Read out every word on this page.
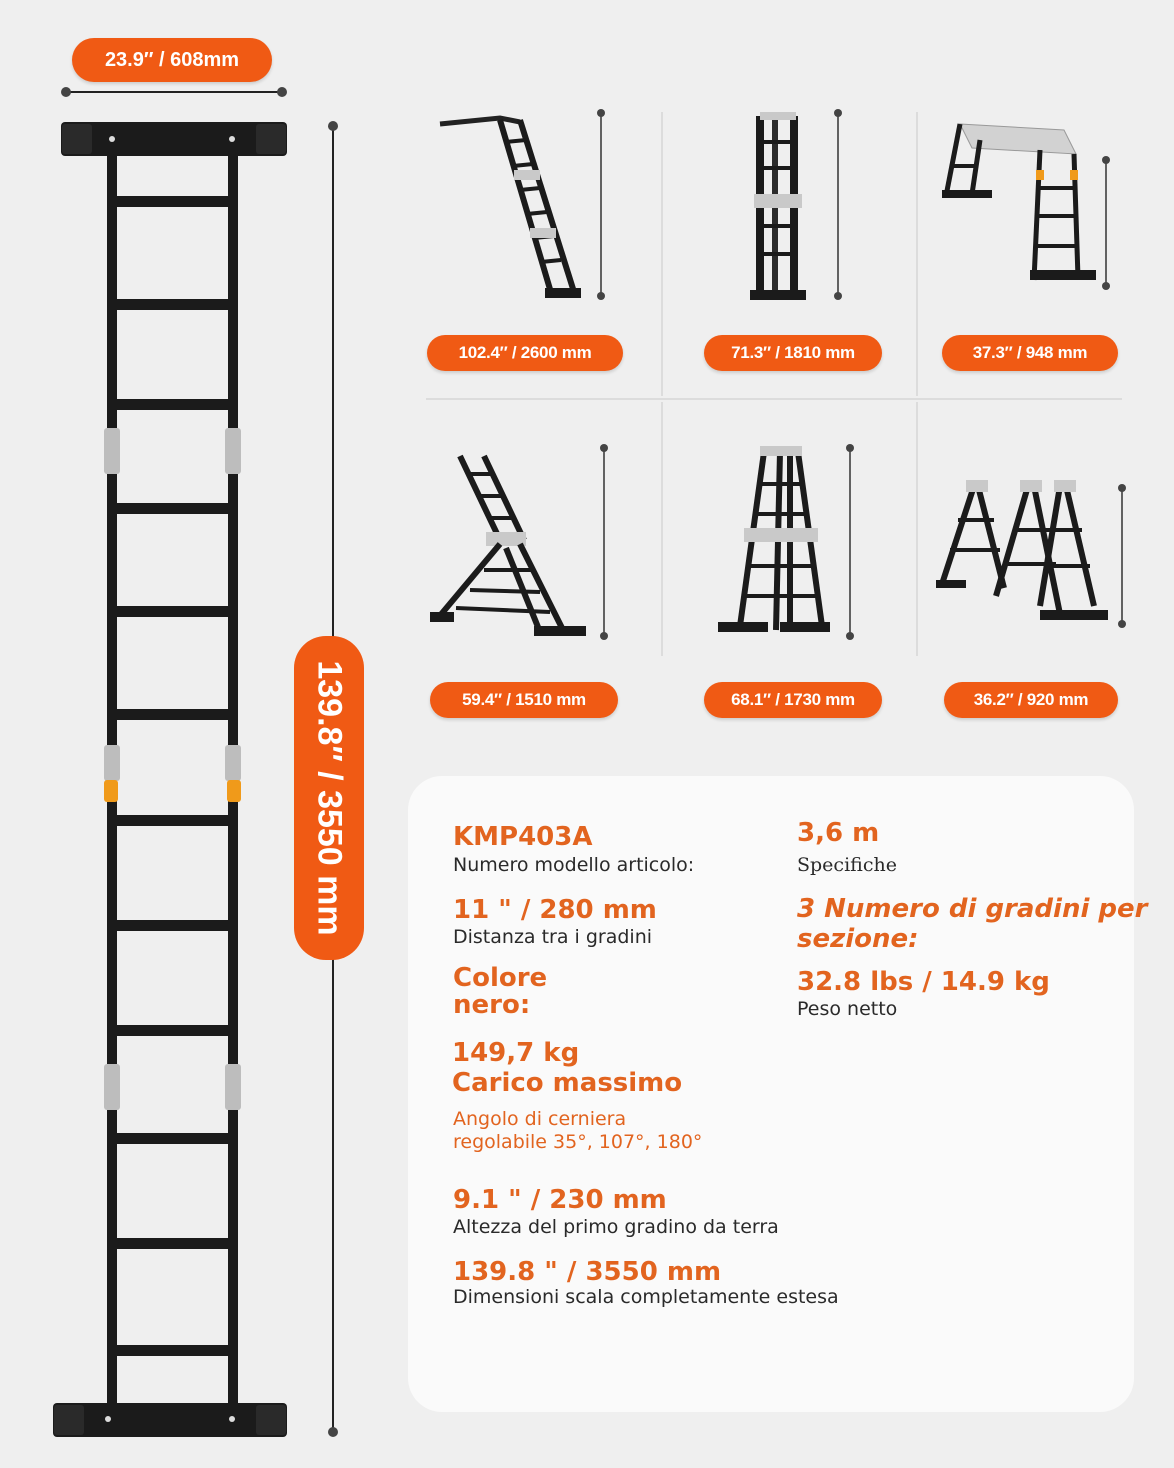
23.9″ / 608mm
139.8″ / 3550 mm
102.4″ / 2600 mm	71.3″ / 1810 mm	37.3″ / 948 mm
59.4″ / 1510 mm	68.1″ / 1730 mm	36.2″ / 920 mm
KMP403A
Numero modello articolo:
3,6 m
Specifiche
11 " / 280 mm
Distanza tra i gradini
3 Numero di gradini per
sezione:
Colore
nero:
32.8 lbs / 14.9 kg
Peso netto
149,7 kg
Carico massimo
Angolo di cerniera
regolabile 35°, 107°, 180°
9.1 " / 230 mm
Altezza del primo gradino da terra
139.8 " / 3550 mm
Dimensioni scala completamente estesa
